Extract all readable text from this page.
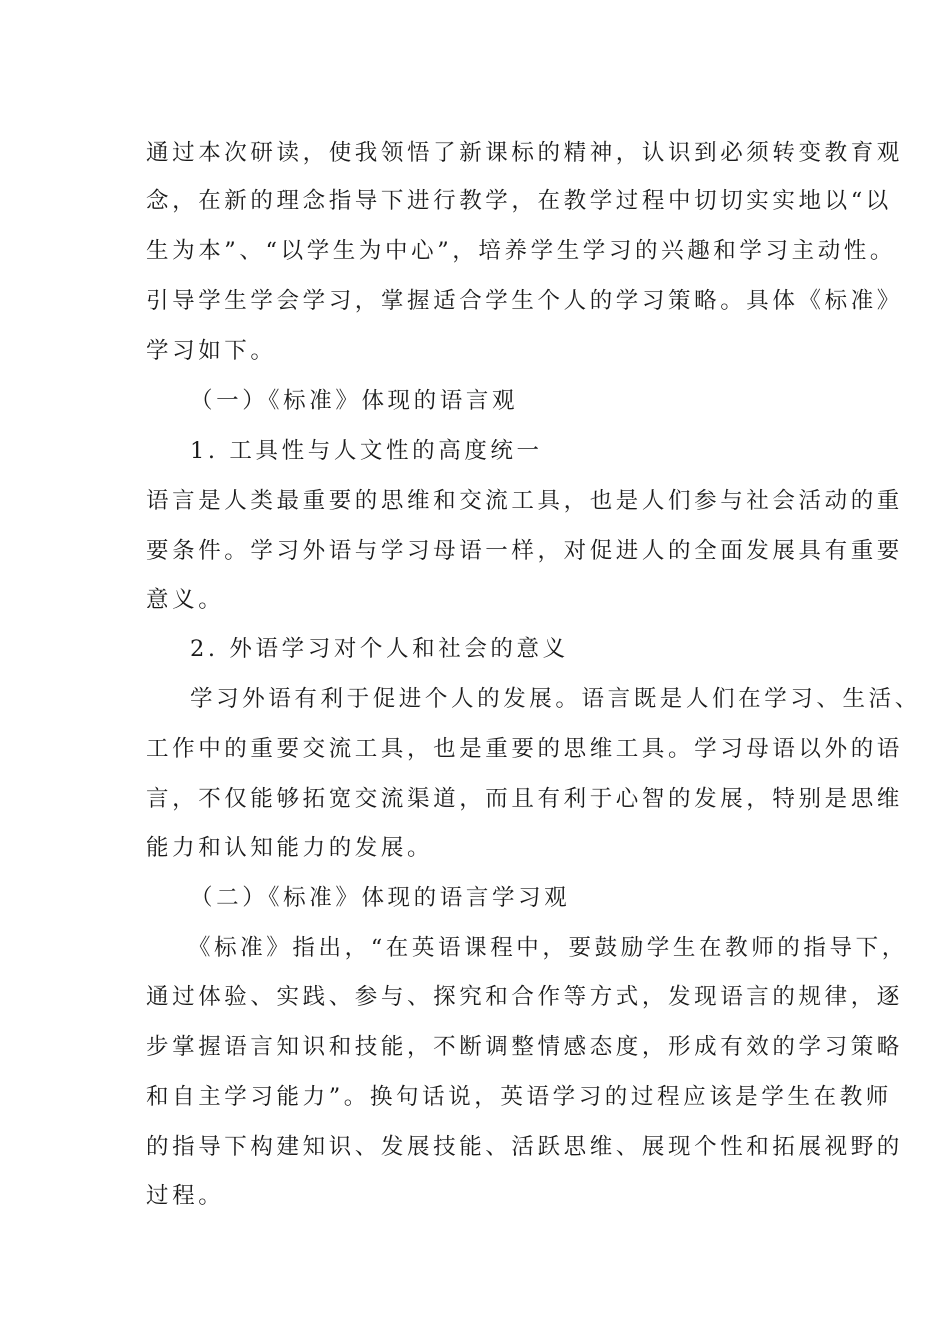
通过本次研读，使我领悟了新课标的精神，认识到必须转变教育观
念，在新的理念指导下进行教学，在教学过程中切切实实地以“以
生为本”、“以学生为中心”，培养学生学习的兴趣和学习主动性。
引导学生学会学习，掌握适合学生个人的学习策略。具体《标准》
学习如下。
（一）《标准》体现的语言观
1. 工具性与人文性的高度统一
语言是人类最重要的思维和交流工具，也是人们参与社会活动的重
要条件。学习外语与学习母语一样，对促进人的全面发展具有重要
意义。
2. 外语学习对个人和社会的意义
学习外语有利于促进个人的发展。语言既是人们在学习、生活、
工作中的重要交流工具，也是重要的思维工具。学习母语以外的语
言，不仅能够拓宽交流渠道，而且有利于心智的发展，特别是思维
能力和认知能力的发展。
（二）《标准》体现的语言学习观
《标准》指出，“在英语课程中，要鼓励学生在教师的指导下，
通过体验、实践、参与、探究和合作等方式，发现语言的规律，逐
步掌握语言知识和技能，不断调整情感态度，形成有效的学习策略
和自主学习能力”。换句话说，英语学习的过程应该是学生在教师
的指导下构建知识、发展技能、活跃思维、展现个性和拓展视野的
过程。
